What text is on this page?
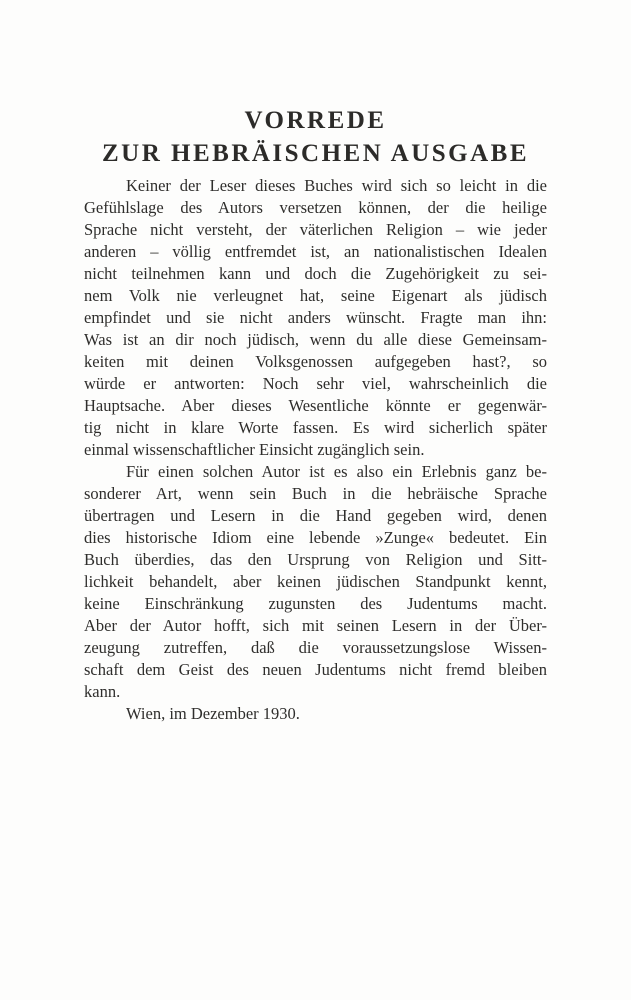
VORREDE
ZUR HEBRÄISCHEN AUSGABE
Keiner der Leser dieses Buches wird sich so leicht in die
Gefühlslage des Autors versetzen können, der die heilige
Sprache nicht versteht, der väterlichen Religion – wie jeder
anderen – völlig entfremdet ist, an nationalistischen Idealen
nicht teilnehmen kann und doch die Zugehörigkeit zu sei-
nem Volk nie verleugnet hat, seine Eigenart als jüdisch
empfindet und sie nicht anders wünscht. Fragte man ihn:
Was ist an dir noch jüdisch, wenn du alle diese Gemeinsam-
keiten mit deinen Volksgenossen aufgegeben hast?, so
würde er antworten: Noch sehr viel, wahrscheinlich die
Hauptsache. Aber dieses Wesentliche könnte er gegenwär-
tig nicht in klare Worte fassen. Es wird sicherlich später
einmal wissenschaftlicher Einsicht zugänglich sein.
Für einen solchen Autor ist es also ein Erlebnis ganz be-
sonderer Art, wenn sein Buch in die hebräische Sprache
übertragen und Lesern in die Hand gegeben wird, denen
dies historische Idiom eine lebende »Zunge« bedeutet. Ein
Buch überdies, das den Ursprung von Religion und Sitt-
lichkeit behandelt, aber keinen jüdischen Standpunkt kennt,
keine Einschränkung zugunsten des Judentums macht.
Aber der Autor hofft, sich mit seinen Lesern in der Über-
zeugung zutreffen, daß die voraussetzungslose Wissen-
schaft dem Geist des neuen Judentums nicht fremd bleiben
kann.
Wien, im Dezember 1930.
